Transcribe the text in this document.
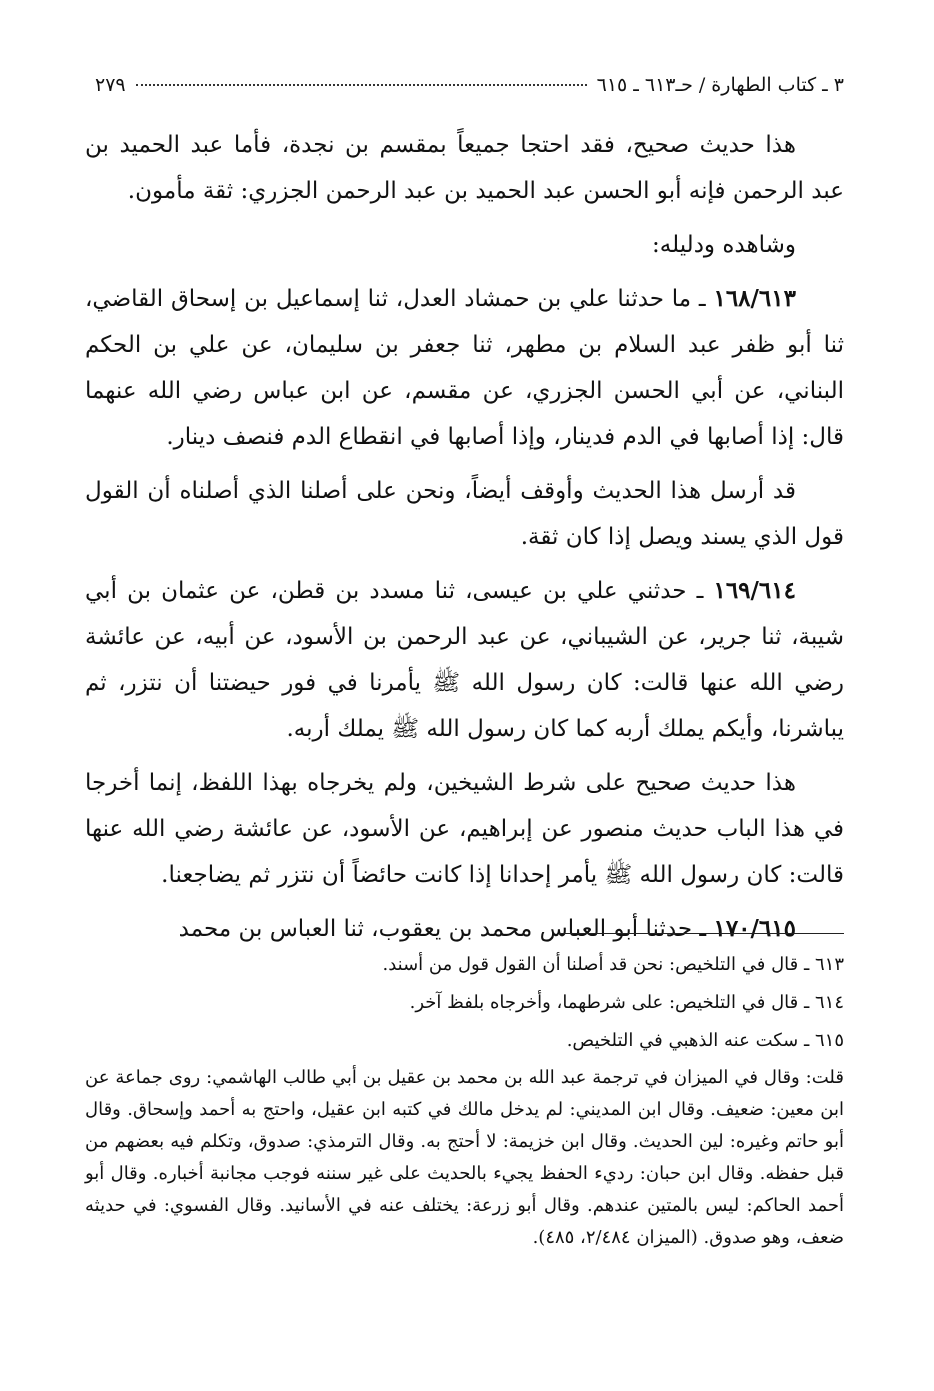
٣ ـ كتاب الطهارة / حـ٦١٣ ـ ٦١٥
٢٧٩

هذا حديث صحيح، فقد احتجا جميعاً بمقسم بن نجدة، فأما عبد الحميد بن عبد الرحمن فإنه أبو الحسن عبد الحميد بن عبد الرحمن الجزري: ثقة مأمون.

وشاهده ودليله:

١٦٨/٦١٣ ـ ما حدثنا علي بن حمشاد العدل، ثنا إسماعيل بن إسحاق القاضي، ثنا أبو ظفر عبد السلام بن مطهر، ثنا جعفر بن سليمان، عن علي بن الحكم البناني، عن أبي الحسن الجزري، عن مقسم، عن ابن عباس رضي الله عنهما قال: إذا أصابها في الدم فدينار، وإذا أصابها في انقطاع الدم فنصف دينار.

قد أرسل هذا الحديث وأوقف أيضاً، ونحن على أصلنا الذي أصلناه أن القول قول الذي يسند ويصل إذا كان ثقة.

١٦٩/٦١٤ ـ حدثني علي بن عيسى، ثنا مسدد بن قطن، عن عثمان بن أبي شيبة، ثنا جرير، عن الشيباني، عن عبد الرحمن بن الأسود، عن أبيه، عن عائشة رضي الله عنها قالت: كان رسول الله ﷺ يأمرنا في فور حيضتنا أن نتزر، ثم يباشرنا، وأيكم يملك أربه كما كان رسول الله ﷺ يملك أربه.

هذا حديث صحيح على شرط الشيخين، ولم يخرجاه بهذا اللفظ، إنما أخرجا في هذا الباب حديث منصور عن إبراهيم، عن الأسود، عن عائشة رضي الله عنها قالت: كان رسول الله ﷺ يأمر إحدانا إذا كانت حائضاً أن نتزر ثم يضاجعنا.

١٧٠/٦١٥ ـ حدثنا أبو العباس محمد بن يعقوب، ثنا العباس بن محمد

٦١٣ ـ قال في التلخيص: نحن قد أصلنا أن القول قول من أسند.

٦١٤ ـ قال في التلخيص: على شرطهما، وأخرجاه بلفظ آخر.

٦١٥ ـ سكت عنه الذهبي في التلخيص.

قلت: وقال في الميزان في ترجمة عبد الله بن محمد بن عقيل بن أبي طالب الهاشمي: روى جماعة عن ابن معين: ضعيف. وقال ابن المديني: لم يدخل مالك في كتبه ابن عقيل، واحتج به أحمد وإسحاق. وقال أبو حاتم وغيره: لين الحديث. وقال ابن خزيمة: لا أحتج به. وقال الترمذي: صدوق، وتكلم فيه بعضهم من قبل حفظه. وقال ابن حبان: رديء الحفظ يجيء بالحديث على غير سننه فوجب مجانبة أخباره. وقال أبو أحمد الحاكم: ليس بالمتين عندهم. وقال أبو زرعة: يختلف عنه في الأسانيد. وقال الفسوي: في حديثه ضعف، وهو صدوق. (الميزان ٢/٤٨٤، ٤٨٥).
